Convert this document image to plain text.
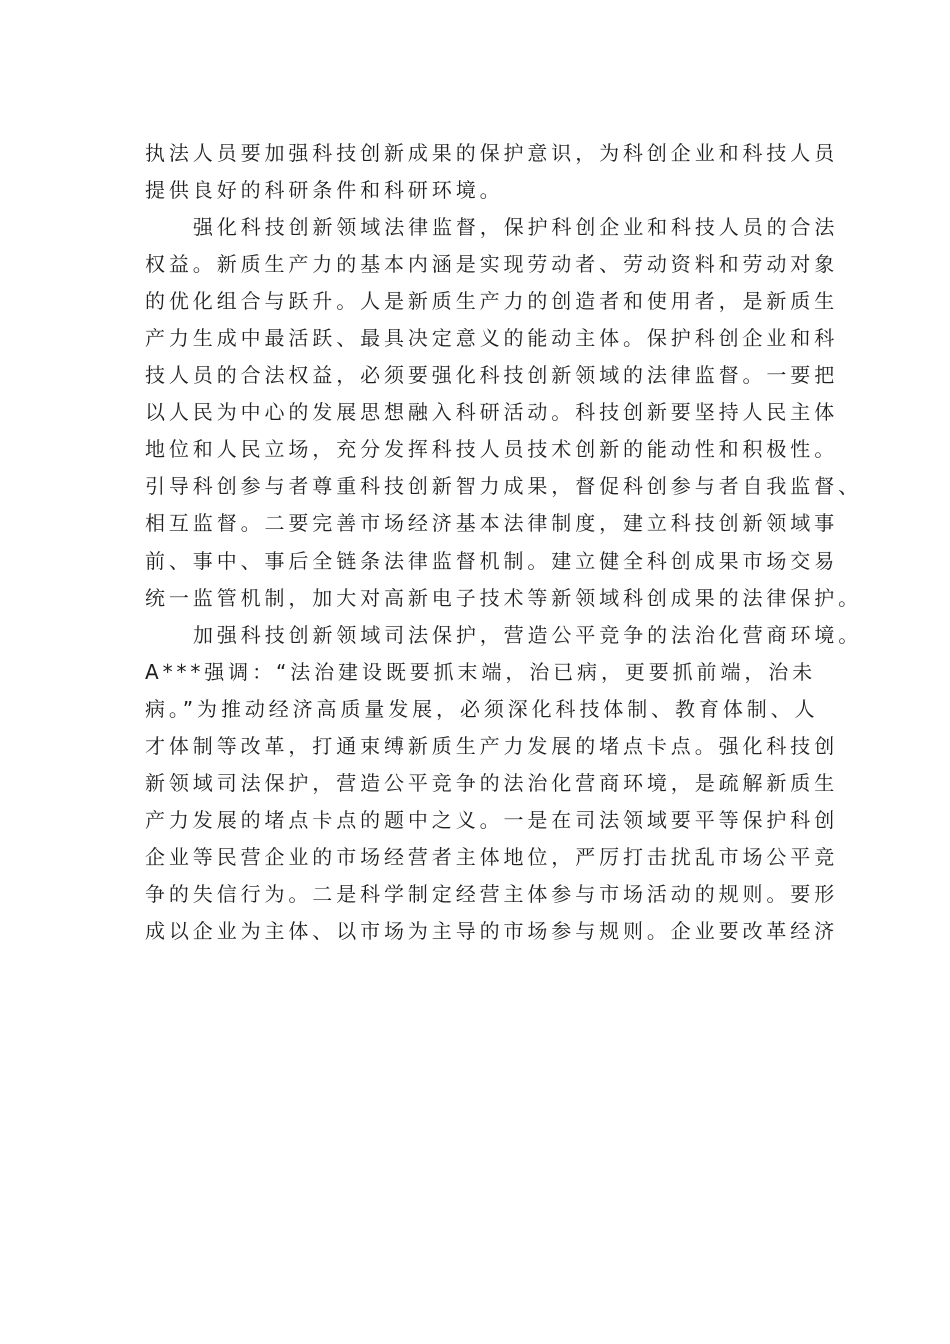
执法人员要加强科技创新成果的保护意识，为科创企业和科技人员
提供良好的科研条件和科研环境。
强化科技创新领域法律监督，保护科创企业和科技人员的合法
权益。新质生产力的基本内涵是实现劳动者、劳动资料和劳动对象
的优化组合与跃升。人是新质生产力的创造者和使用者，是新质生
产力生成中最活跃、最具决定意义的能动主体。保护科创企业和科
技人员的合法权益，必须要强化科技创新领域的法律监督。一要把
以人民为中心的发展思想融入科研活动。科技创新要坚持人民主体
地位和人民立场，充分发挥科技人员技术创新的能动性和积极性。
引导科创参与者尊重科技创新智力成果，督促科创参与者自我监督、
相互监督。二要完善市场经济基本法律制度，建立科技创新领域事
前、事中、事后全链条法律监督机制。建立健全科创成果市场交易
统一监管机制，加大对高新电子技术等新领域科创成果的法律保护。
加强科技创新领域司法保护，营造公平竞争的法治化营商环境。
A***强调：“法治建设既要抓末端，治已病，更要抓前端，治未
病。”为推动经济高质量发展，必须深化科技体制、教育体制、人
才体制等改革，打通束缚新质生产力发展的堵点卡点。强化科技创
新领域司法保护，营造公平竞争的法治化营商环境，是疏解新质生
产力发展的堵点卡点的题中之义。一是在司法领域要平等保护科创
企业等民营企业的市场经营者主体地位，严厉打击扰乱市场公平竞
争的失信行为。二是科学制定经营主体参与市场活动的规则。要形
成以企业为主体、以市场为主导的市场参与规则。企业要改革经济
